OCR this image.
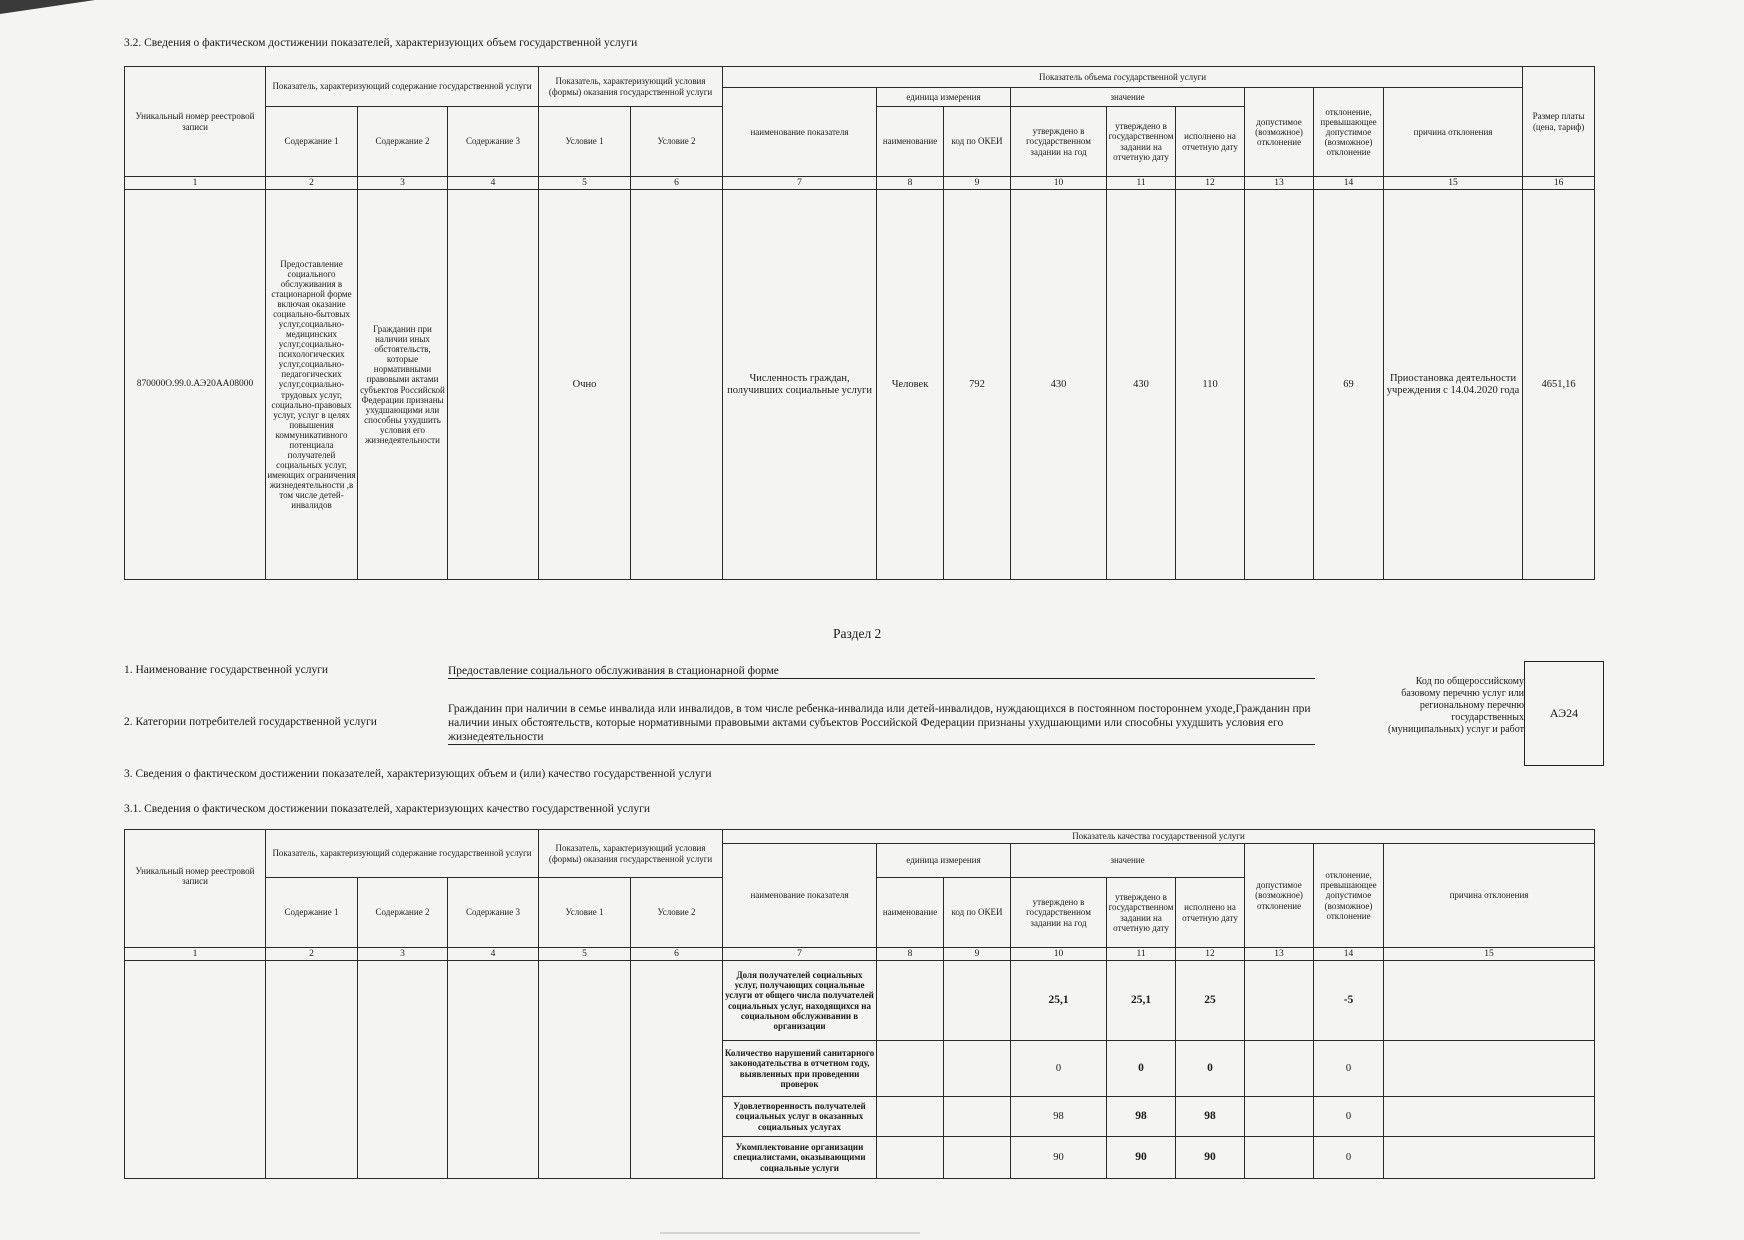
3.2. Сведения о фактическом достижении показателей, характеризующих объем государственной услуги
Уникальный номер реестровой записи	Показатель, характеризующий содержание государственной услуги			Показатель, характеризующий условия (формы) оказания государственной услуги		Показатель объема государственной услуги									Размер платы (цена, тариф)
						наименование показателя	единица измерения		значение			допустимое (возможное) отклонение	отклонение, превышающее допустимое (возможное) отклонение	причина отклонения	
	Содержание 1	Содержание 2	Содержание 3	Условие 1	Условие 2		наименование	код по ОКЕИ	утверждено в государственном задании на год	утверждено в государственном задании на отчетную дату	исполнено на отчетную дату				
1	2	3	4	5	6	7	8	9	10	11	12	13	14	15	16
870000О.99.0.АЭ20АА08000	Предоставление социального обслуживания в стационарной форме включая оказание социально-бытовых услуг,социально-медицинских услуг,социально-психологических услуг,социально-педагогических услуг,социально-трудовых услуг, социально-правовых услуг, услуг в целях повышения коммуникативного потенциала получателей социальных услуг, имеющих ограничения жизнедеятельности ,в том числе детей-инвалидов	Гражданин при наличии иных обстоятельств, которые нормативными правовыми актами субъектов Российской Федерации признаны ухудшающими или способны ухудшить условия его жизнедеятельности		Очно		Численность граждан, получивших социальные услуги	Человек	792	430	430	110		69	Приостановка деятельности учреждения с 14.04.2020 года	4651,16
Раздел 2
1. Наименование государственной услуги	Предоставление социального обслуживания в стационарной форме
2. Категории потребителей государственной услуги
Гражданин при наличии в семье инвалида или инвалидов, в том числе ребенка-инвалида или детей-инвалидов, нуждающихся в постоянном постороннем уходе,Гражданин при наличии иных обстоятельств, которые нормативными правовыми актами субъектов Российской Федерации признаны ухудшающими или способны ухудшить условия его жизнедеятельности
Код по общероссийскому базовому перечню услуг или региональному перечню государственных (муниципальных) услуг и работ
АЭ24
3. Сведения о фактическом достижении показателей, характеризующих объем и (или) качество государственной услуги
3.1. Сведения о фактическом достижении показателей, характеризующих качество государственной услуги
Уникальный номер реестровой записи	Показатель, характеризующий содержание государственной услуги			Показатель, характеризующий условия (формы) оказания государственной услуги		Показатель качества государственной услуги								
						наименование показателя	единица измерения		значение			допустимое (возможное) отклонение	отклонение, превышающее допустимое (возможное) отклонение	причина отклонения
	Содержание 1	Содержание 2	Содержание 3	Условие 1	Условие 2		наименование	код по ОКЕИ	утверждено в государственном задании на год	утверждено в государственном задании на отчетную дату	исполнено на отчетную дату			
1	2	3	4	5	6	7	8	9	10	11	12	13	14	15
						Доля получателей социальных услуг, получающих социальные услуги от общего числа получателей социальных услуг, находящихся на социальном обслуживании в организации			25,1	25,1	25		-5	
						Количество нарушений санитарного законодательства в отчетном году, выявленных при проведении проверок			0	0	0		0	
						Удовлетворенность получателей социальных услуг в оказанных социальных услугах			98	98	98		0	
						Укомплектование организации специалистами, оказывающими социальные услуги			90	90	90		0	
